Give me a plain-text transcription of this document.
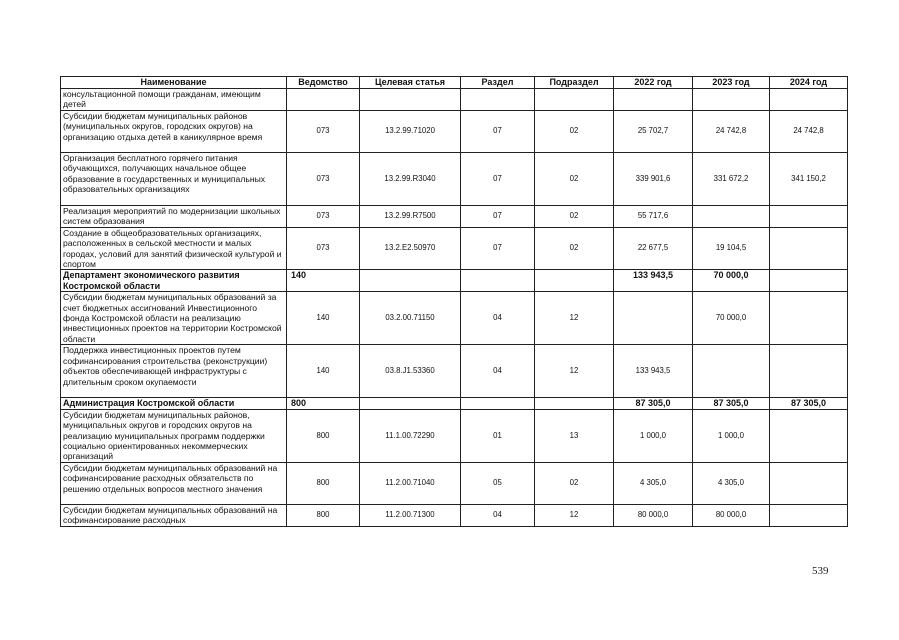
Наименование	Ведомство	Целевая статья	Раздел	Подраздел	2022 год	2023 год	2024 год
консультационной помощи гражданам, имеющим детей							
Субсидии бюджетам муниципальных районов (муниципальных округов, городских округов) на организацию отдыха детей в каникулярное время	073	13.2.99.71020	07	02	25 702,7	24 742,8	24 742,8
Организация бесплатного горячего питания обучающихся, получающих начальное общее образование в государственных и муниципальных образовательных организациях	073	13.2.99.R3040	07	02	339 901,6	331 672,2	341 150,2
Реализация мероприятий по модернизации школьных систем образования	073	13.2.99.R7500	07	02	55 717,6		
Создание в общеобразовательных организациях, расположенных в сельской местности и малых городах, условий для занятий физической культурой и спортом	073	13.2.E2.50970	07	02	22 677,5	19 104,5	
Департамент экономического развития Костромской области	140				133 943,5	70 000,0	
Субсидии бюджетам муниципальных образований за счет бюджетных ассигнований Инвестиционного фонда Костромской области на реализацию инвестиционных проектов на территории Костромской области	140	03.2.00.71150	04	12		70 000,0	
Поддержка инвестиционных проектов путем софинансирования строительства (реконструкции) объектов обеспечивающей инфраструктуры с длительным сроком окупаемости	140	03.8.J1.53360	04	12	133 943,5		
Администрация Костромской области	800				87 305,0	87 305,0	87 305,0
Субсидии бюджетам муниципальных районов, муниципальных округов и городских округов на реализацию муниципальных программ поддержки социально ориентированных некоммерческих организаций	800	11.1.00.72290	01	13	1 000,0	1 000,0	
Субсидии бюджетам муниципальных образований на софинансирование расходных обязательств по решению отдельных вопросов местного значения	800	11.2.00.71040	05	02	4 305,0	4 305,0	
Субсидии бюджетам муниципальных образований на софинансирование расходных	800	11.2.00.71300	04	12	80 000,0	80 000,0	
539
